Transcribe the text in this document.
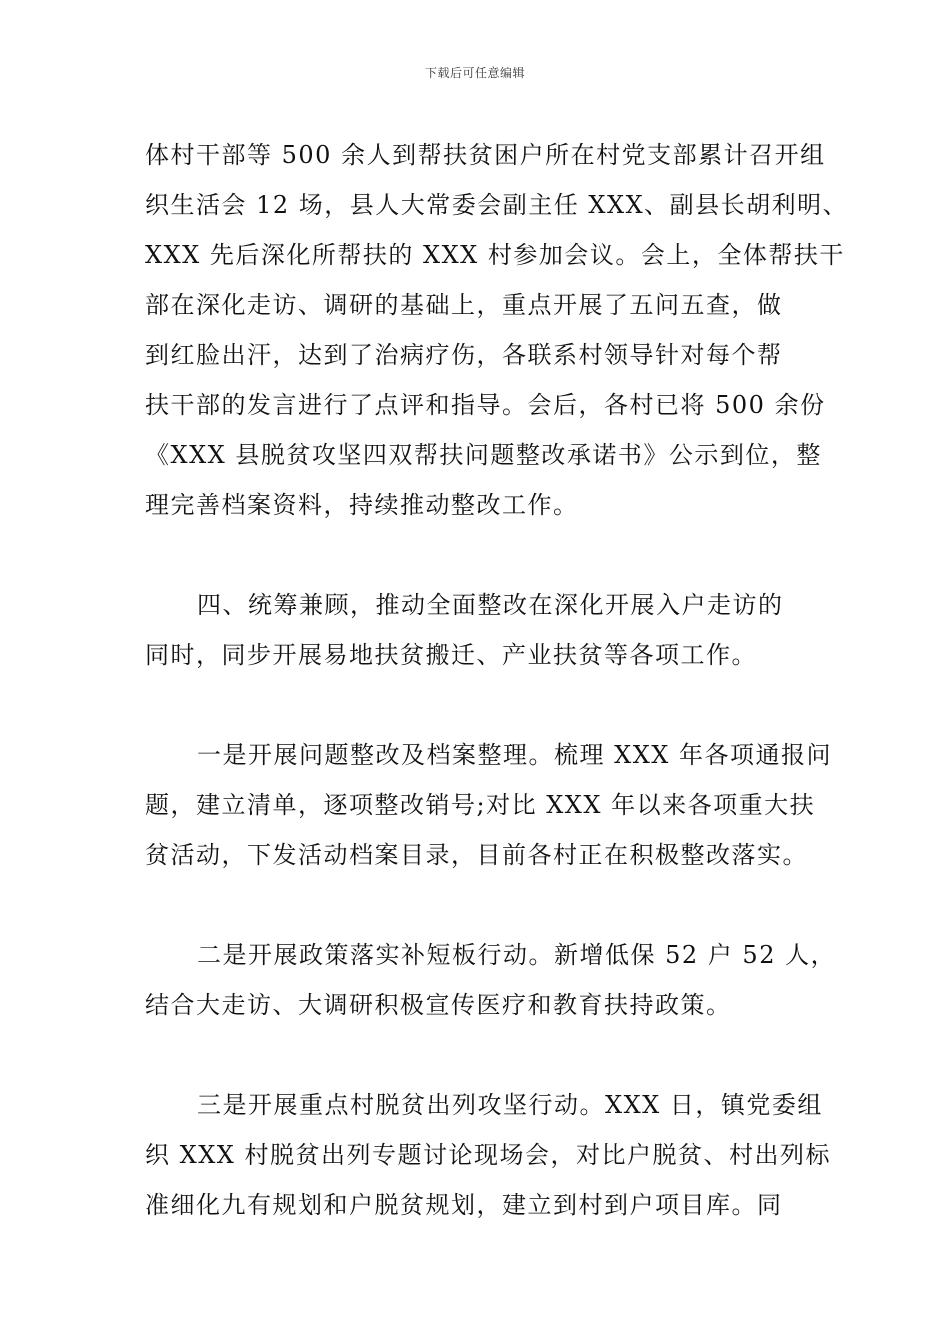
下载后可任意编辑
体村干部等 500 余人到帮扶贫困户所在村党支部累计召开组
织生活会 12 场，县人大常委会副主任 XXX、副县长胡利明、
XXX 先后深化所帮扶的 XXX 村参加会议。会上，全体帮扶干
部在深化走访、调研的基础上，重点开展了五问五查，做
到红脸出汗，达到了治病疗伤，各联系村领导针对每个帮
扶干部的发言进行了点评和指导。会后，各村已将 500 余份
《XXX 县脱贫攻坚四双帮扶问题整改承诺书》公示到位，整
理完善档案资料，持续推动整改工作。
四、统筹兼顾，推动全面整改在深化开展入户走访的
同时，同步开展易地扶贫搬迁、产业扶贫等各项工作。
一是开展问题整改及档案整理。梳理 XXX 年各项通报问
题，建立清单，逐项整改销号;对比 XXX 年以来各项重大扶
贫活动，下发活动档案目录，目前各村正在积极整改落实。
二是开展政策落实补短板行动。新增低保 52 户 52 人，
结合大走访、大调研积极宣传医疗和教育扶持政策。
三是开展重点村脱贫出列攻坚行动。XXX 日，镇党委组
织 XXX 村脱贫出列专题讨论现场会，对比户脱贫、村出列标
准细化九有规划和户脱贫规划，建立到村到户项目库。同
